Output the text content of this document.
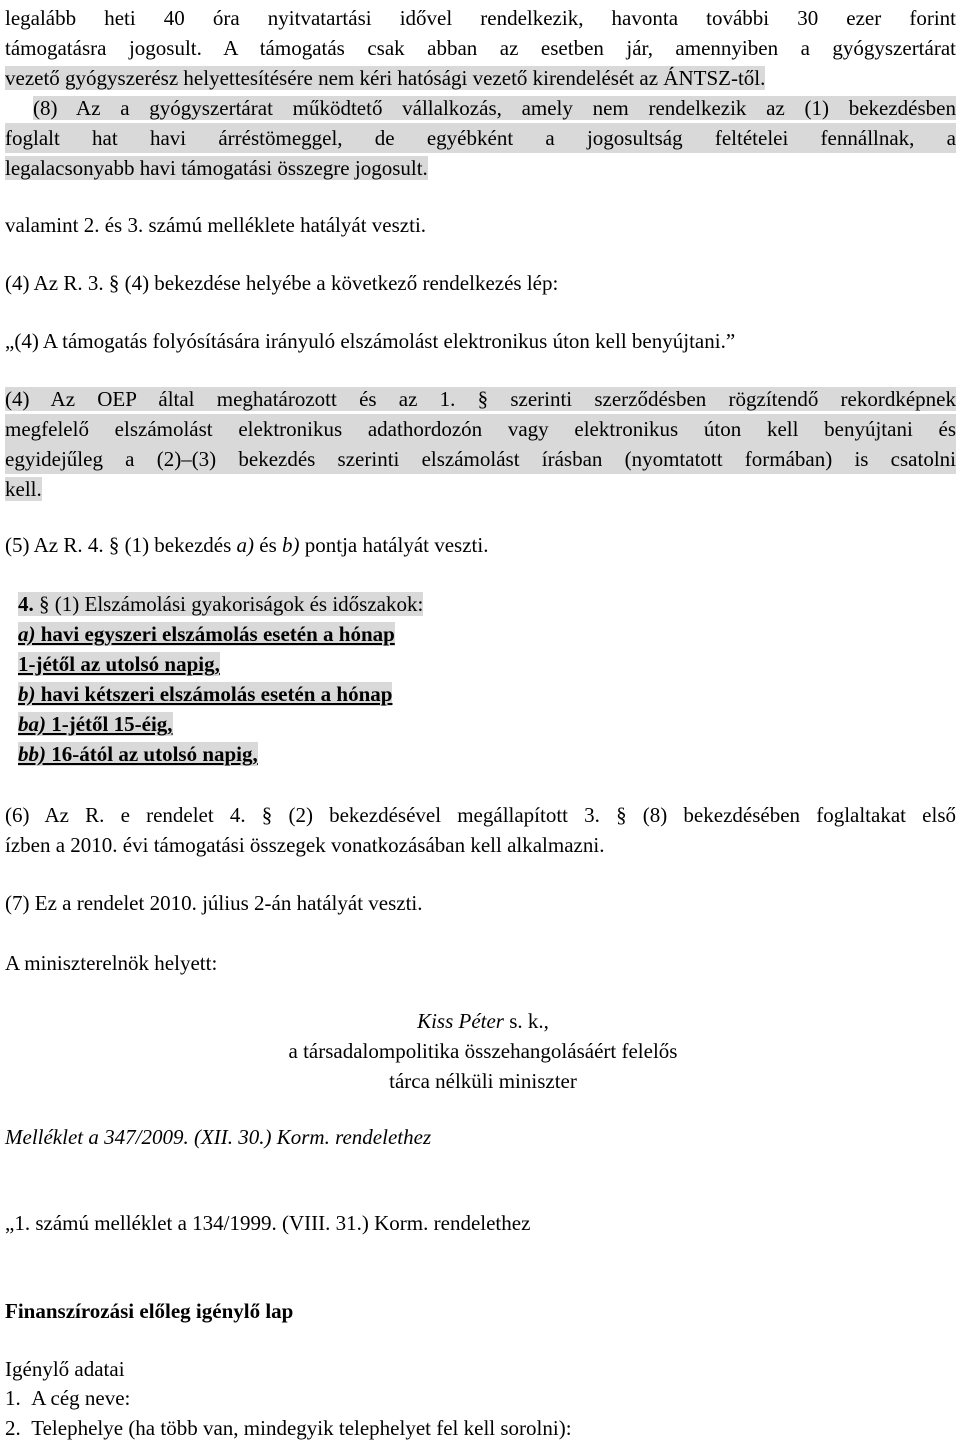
legalább heti 40 óra nyitvatartási idővel rendelkezik, havonta további 30 ezer forint
támogatásra jogosult. A támogatás csak abban az esetben jár, amennyiben a gyógyszertárat
vezető gyógyszerész helyettesítésére nem kéri hatósági vezető kirendelését az ÁNTSZ-től.
(8) Az a gyógyszertárat működtető vállalkozás, amely nem rendelkezik az (1) bekezdésben
foglalt hat havi árréstömeggel, de egyébként a jogosultság feltételei fennállnak, a
legalacsonyabb havi támogatási összegre jogosult.
valamint 2. és 3. számú melléklete hatályát veszti.
(4) Az R. 3. § (4) bekezdése helyébe a következő rendelkezés lép:
„(4) A támogatás folyósítására irányuló elszámolást elektronikus úton kell benyújtani.”
(4) Az OEP által meghatározott és az 1. § szerinti szerződésben rögzítendő rekordképnek
megfelelő elszámolást elektronikus adathordozón vagy elektronikus úton kell benyújtani és
egyidejűleg a (2)–(3) bekezdés szerinti elszámolást írásban (nyomtatott formában) is csatolni
kell.
(5) Az R. 4. § (1) bekezdés a) és b) pontja hatályát veszti.
4. § (1) Elszámolási gyakoriságok és időszakok:
a) havi egyszeri elszámolás esetén a hónap
1-jétől az utolsó napig,
b) havi kétszeri elszámolás esetén a hónap
ba) 1-jétől 15-éig,
bb) 16-ától az utolsó napig,
(6) Az R. e rendelet 4. § (2) bekezdésével megállapított 3. § (8) bekezdésében foglaltakat első
ízben a 2010. évi támogatási összegek vonatkozásában kell alkalmazni.
(7) Ez a rendelet 2010. július 2-án hatályát veszti.
A miniszterelnök helyett:
Kiss Péter s. k.,
a társadalompolitika összehangolásáért felelős
tárca nélküli miniszter
Melléklet a 347/2009. (XII. 30.) Korm. rendelethez
„1. számú melléklet a 134/1999. (VIII. 31.) Korm. rendelethez
Finanszírozási előleg igénylő lap
Igénylő adatai
1. A cég neve:
2. Telephelye (ha több van, mindegyik telephelyet fel kell sorolni):
